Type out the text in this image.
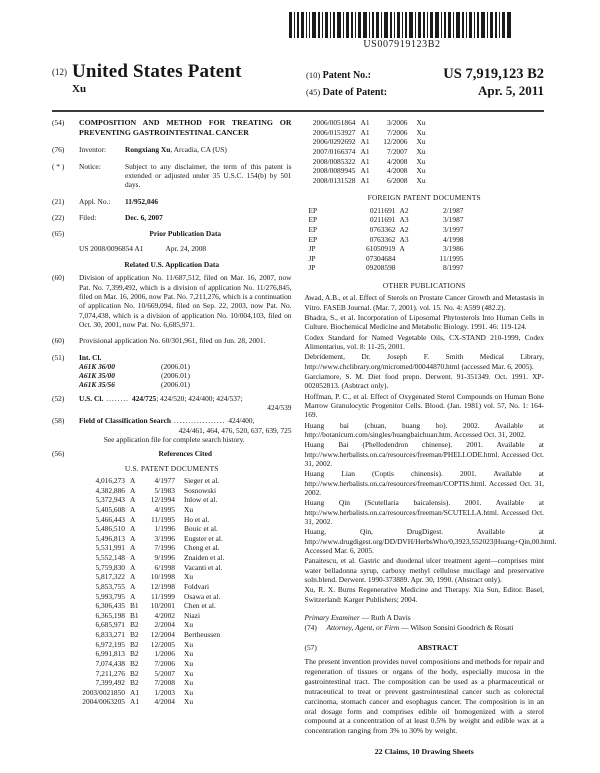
US007919123B2
(12) United States Patent
Xu
(10) Patent No.:	US 7,919,123 B2
(45) Date of Patent:	Apr. 5, 2011
(54)	COMPOSITION AND METHOD FOR TREATING OR PREVENTING GASTROINTESTINAL CANCER
(76)	Inventor:	Rongxiang Xu, Arcadia, CA (US)
( * )	Notice:	Subject to any disclaimer, the term of this patent is extended or adjusted under 35 U.S.C. 154(b) by 501 days.
(21)	Appl. No.:	11/952,046
(22)	Filed:	Dec. 6, 2007
(65)	Prior Publication Data
US 2008/0096854 A1	Apr. 24, 2008
Related U.S. Application Data
(60)	Division of application No. 11/687,512, filed on Mar. 16, 2007, now Pat. No. 7,399,492, which is a division of application No. 11/276,845, filed on Mar. 16, 2006, now Pat. No. 7,211,276, which is a continuation of application No. 10/669,094, filed on Sep. 22, 2003, now Pat. No. 7,074,438, which is a division of application No. 10/004,103, filed on Oct. 30, 2001, now Pat. No. 6,685,971.
(60)	Provisional application No. 60/301,961, filed on Jun. 28, 2001.
(51)	Int. Cl.
A61K 36/00	(2006.01)
A61K 35/00	(2006.01)
A61K 35/56	(2006.01)
(52)	U.S. Cl. ........ 424/725; 424/520; 424/400; 424/537;
424/539
(58)	Field of Classification Search .................. 424/400,
424/461, 464, 476, 520, 637, 639, 725
See application file for complete search history.
(56)	References Cited
U.S. PATENT DOCUMENTS
4,016,273 A	4/1977	Sieger et al.
4,382,886 A	5/1983	Sosnowski
5,372,943 A	12/1994	Inlow et al.
5,405,608 A	4/1995	Xu
5,466,443 A	11/1995	Ho et al.
5,486,510 A	1/1996	Bouic et al.
5,496,813 A	3/1996	Eugster et al.
5,531,991 A	7/1996	Cheng et al.
5,552,148 A	9/1996	Znaiden et al.
5,759,830 A	6/1998	Vacanti et al.
5,817,322 A	10/1998	Xu
5,853,755 A	12/1998	Foldvari
5,993,795 A	11/1999	Osawa et al.
6,306,435 B1	10/2001	Chen et al.
6,365,198 B1	4/2002	Niazi
6,685,971 B2	2/2004	Xu
6,833,271 B2	12/2004	Bertheussen
6,972,195 B2	12/2005	Xu
6,991,813 B2	1/2006	Xu
7,074,438 B2	7/2006	Xu
7,211,276 B2	5/2007	Xu
7,399,492 B2	7/2008	Xu
2003/0021850 A1	1/2003	Xu
2004/0063205 A1	4/2004	Xu
2006/0051864 A1	3/2006	Xu
2006/0153927 A1	7/2006	Xu
2006/0292692 A1	12/2006	Xu
2007/0166374 A1	7/2007	Xu
2008/0085322 A1	4/2008	Xu
2008/0089945 A1	4/2008	Xu
2008/0131528 A1	6/2008	Xu
FOREIGN PATENT DOCUMENTS
EP	0211691 A2	2/1987
EP	0211691 A3	3/1987
EP	0763362 A2	3/1997
EP	0763362 A3	4/1998
JP	61050919 A	3/1986
JP	07304684	11/1995
JP	09208598	8/1997
OTHER PUBLICATIONS
Awad, A.B., et al. Effect of Sterols on Prostate Cancer Growth and Metastasis in Vitro. FASEB Journal. (Mar. 7, 2001). vol. 15. No. 4: A599 (482.2).
Bhadra, S., et al. Incorporation of Liposomal Phytosterols Into Human Cells in Culture. Biochemical Medicine and Metabolic Biology. 1991. 46: 119-124.
Codex Standard for Named Vegetable Oils, CX-STAND 210-1999, Codex Alimentarius, vol. 8: 11-25, 2001.
Debridement, Dr. Joseph F. Smith Medical Library, http://www.chclibrary.org/micromed/00044870.html (accessed Mar. 6, 2005).
Garciamore, S. M. Diet food prepn. Derwent. 91-351349. Oct. 1991. XP-002052813. (Asbtract only).
Hoffman, P. C., et al. Effect of Oxygenated Sterol Compounds on Human Bone Marrow Granulocytic Progenitor Cells. Blood. (Jan. 1981) vol. 57, No. 1: 164-169.
Huang bai (chuan, huang bo). 2002. Available at http://botanicum.com/singles/huangbaichuan.htm. Accessed Oct. 31, 2002.
Huang Bai (Phellodendron chinense). 2001. Available at http://www.herbalists.on.ca/resources/freeman/PHELLODE.html. Accessed Oct. 31, 2002.
Huang Lian (Coptis chinensis). 2001. Available at http://www.herbalists.on.ca/resources/freeman/COPTIS.html. Accessed Oct. 31, 2002.
Huang Qin (Scutellaria baicalensis). 2001. Available at http://www.herbalists.on.ca/resources/freeman/SCUTELLA.html. Accessed Oct. 31, 2002.
Huang, Qin, DrugDigest. Available at http://www.drugdigest.org/DD/DVH/HerbsWho/0,3923,552023|Huang+Qin,00.html. Accessed Mar. 6, 2005.
Panaitescu, et al. Gastric and duodenal ulcer treatment agent—comprises mint water belladonna syrup, carboxy methyl cellulose mucilage and preservative soln.blend. Derwent. 1990-373889. Apr. 30, 1990. (Abstract only).
Xu, R. X. Burns Regenerative Medicine and Therapy. Xia Sun, Editor. Basel, Switzerland: Karger Publishers; 2004.
Primary Examiner — Ruth A Davis
(74)	Attorney, Agent, or Firm — Wilson Sonsini Goodrich & Rosati
(57)	ABSTRACT
The present invention provides novel compositions and methods for repair and regeneration of tissues or organs of the body, especially mucosa in the gastrointestinal tract. The composition can be used as a pharmaceutical or nutraceutical to treat or prevent gastrointestinal cancer such as colorectal carcinoma, stomach cancer and esophagus cancer. The composition is in an oral dosage form and comprises edible oil homogenized with a sterol compound at a concentration of at least 0.5% by weight and edible wax at a concentration ranging from 3% to 30% by weight.
22 Claims, 10 Drawing Sheets
